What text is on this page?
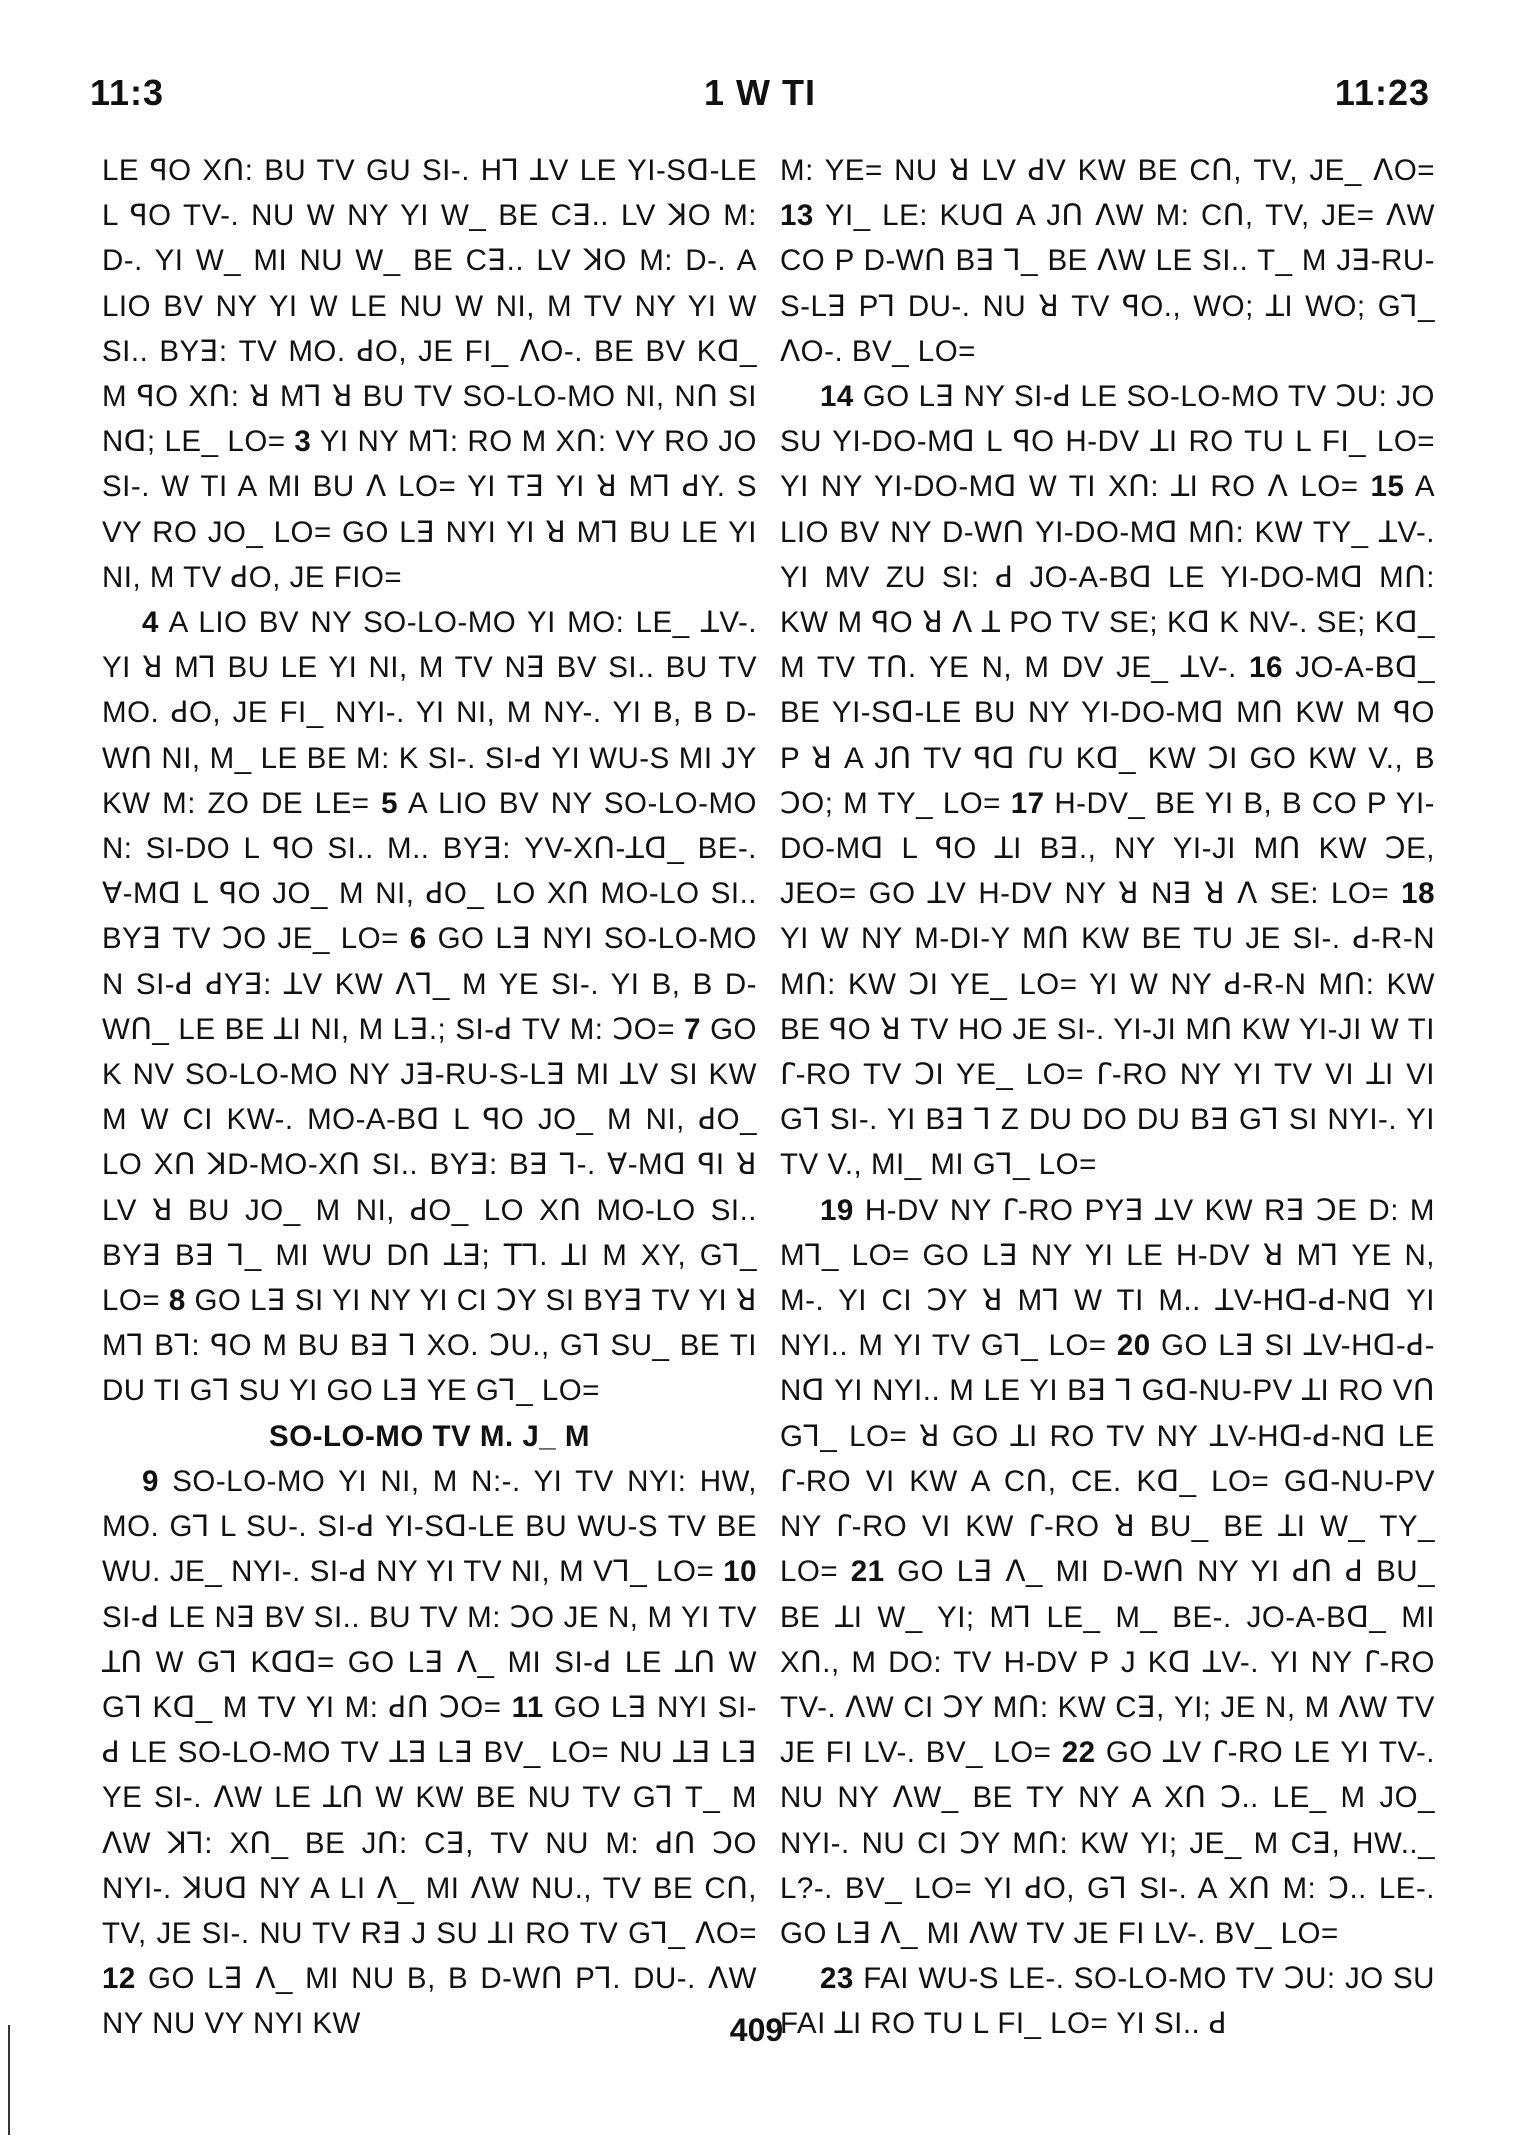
11:3	1 W TI	11:23

LE ꟼO XՈ: BU TV GU SI-. Hꓶ ꓕV LE YI-Sꓷ-LE L ꟼO TV-. NU W NY YI W_ BE Cꓱ.. LV ꓘO M: D-. YI W_ MI NU W_ BE Cꓱ.. LV ꓘO M: D-. A LIO BV NY YI W LE NU W NI, M TV NY YI W SI.. BYꓱ: TV MO. ꓒO, JE FI_ ꓥO-. BE BV Kꓷ_ M ꟼO XՈ: ꓤ Mꓶ ꓤ BU TV SO-LO-MO NI, NՈ SI Nꓷ; LE_ LO= 3 YI NY Mꓶ: RO M XՈ: VY RO JO SI-. W TI A MI BU ꓥ LO= YI Tꓱ YI ꓤ Mꓶ ꓒY. S VY RO JO_ LO= GO Lꓱ NYI YI ꓤ Mꓶ BU LE YI NI, M TV ꓒO, JE FIO=

4 A LIO BV NY SO-LO-MO YI MO: LE_ ꓕV-. YI ꓤ Mꓶ BU LE YI NI, M TV Nꓱ BV SI.. BU TV MO. ꓒO, JE FI_ NYI-. YI NI, M NY-. YI B, B D-WՈ NI, M_ LE BE M: K SI-. SI-ꓒ YI WU-S MI JY KW M: ZO DE LE= 5 A LIO BV NY SO-LO-MO N: SI-DO L ꟼO SI.. M.. BYꓱ: YV-XՈ-ꓕꓷ_ BE-. ꓯ-Mꓷ L ꟼO JO_ M NI, ꓒO_ LO XՈ MO-LO SI.. BYꓱ TV ꓛO JE_ LO= 6 GO Lꓱ NYI SO-LO-MO N SI-ꓒ ꓒYꓱ: ꓕV KW ꓥꓶ_ M YE SI-. YI B, B D-WՈ_ LE BE ꓕI NI, M Lꓱ.; SI-ꓒ TV M: ꓛO= 7 GO K NV SO-LO-MO NY Jꓱ-RU-S-Lꓱ MI ꓕV SI KW M W CI KW-. MO-A-Bꓷ L ꟼO JO_ M NI, ꓒO_ LO XՈ ꓘD-MO-XՈ SI.. BYꓱ: Bꓱ ꓶ-. ꓯ-Mꓷ ꟼI ꓤ LV ꓤ BU JO_ M NI, ꓒO_ LO XՈ MO-LO SI.. BYꓱ Bꓱ ꓶ_ MI WU DՈ ꓕꓱ; ꓔꓶ. ꓕI M XY, Gꓶ_ LO= 8 GO Lꓱ SI YI NY YI CI ꓛY SI BYꓱ TV YI ꓤ Mꓶ Bꓶ: ꟼO M BU Bꓱ ꓶ XO. ꓛU., Gꓶ SU_ BE TI DU TI Gꓶ SU YI GO Lꓱ YE Gꓶ_ LO=

SO-LO-MO TV M. J_ M

9 SO-LO-MO YI NI, M N:-. YI TV NYI: HW, MO. Gꓶ L SU-. SI-ꓒ YI-Sꓷ-LE BU WU-S TV BE WU. JE_ NYI-. SI-ꓒ NY YI TV NI, M Vꓶ_ LO= 10 SI-ꓒ LE Nꓱ BV SI.. BU TV M: ꓛO JE N, M YI TV ꓕՈ W Gꓶ Kꓷꓷ= GO Lꓱ ꓥ_ MI SI-ꓒ LE ꓕՈ W Gꓶ Kꓷ_ M TV YI M: ꓒՈ ꓛO= 11 GO Lꓱ NYI SI-ꓒ LE SO-LO-MO TV ꓕꓱ Lꓱ BV_ LO= NU ꓕꓱ Lꓱ YE SI-. ꓥW LE ꓕՈ W KW BE NU TV Gꓶ T_ M ꓥW ꓘꓶ: XՈ_ BE JՈ: Cꓱ, TV NU M: ꓒՈ ꓛO NYI-. ꓘUꓷ NY A LI ꓥ_ MI ꓥW NU., TV BE CՈ, TV, JE SI-. NU TV Rꓱ J SU ꓕI RO TV Gꓶ_ ꓥO= 12 GO Lꓱ ꓥ_ MI NU B, B D-WՈ Pꓶ. DU-. ꓥW NY NU VY NYI KW

M: YE= NU ꓤ LV ꓒV KW BE CՈ, TV, JE_ ꓥO= 13 YI_ LE: KUꓷ A JՈ ꓥW M: CՈ, TV, JE= ꓥW CO P D-WՈ Bꓱ ꓶ_ BE ꓥW LE SI.. T_ M Jꓱ-RU-S-Lꓱ Pꓶ DU-. NU ꓤ TV ꟼO., WO; ꓕI WO; Gꓶ_ ꓥO-. BV_ LO=

14 GO Lꓱ NY SI-ꓒ LE SO-LO-MO TV ꓛU: JO SU YI-DO-Mꓷ L ꟼO H-DV ꓕI RO TU L FI_ LO= YI NY YI-DO-Mꓷ W TI XՈ: ꓕI RO ꓥ LO= 15 A LIO BV NY D-WՈ YI-DO-Mꓷ MՈ: KW TY_ ꓕV-. YI MV ZU SI: ꓒ JO-A-Bꓷ LE YI-DO-Mꓷ MՈ: KW M ꟼO ꓤ ꓥ ꓕ PO TV SE; Kꓷ K NV-. SE; Kꓷ_ M TV TՈ. YE N, M DV JE_ ꓕV-. 16 JO-A-Bꓷ_ BE YI-Sꓷ-LE BU NY YI-DO-Mꓷ MՈ KW M ꟼO P ꓤ A JՈ TV ꟼꓷ ꓩU Kꓷ_ KW ꓛI GO KW V., B ꓛO; M TY_ LO= 17 H-DV_ BE YI B, B CO P YI-DO-Mꓷ L ꟼO ꓕI Bꓱ., NY YI-JI MՈ KW ꓛE, JEO= GO ꓕV H-DV NY ꓤ Nꓱ ꓤ ꓥ SE: LO= 18 YI W NY M-DI-Y MՈ KW BE TU JE SI-. ꓒ-R-N MՈ: KW ꓛI YE_ LO= YI W NY ꓒ-R-N MՈ: KW BE ꟼO ꓤ TV HO JE SI-. YI-JI MՈ KW YI-JI W TI ꓩ-RO TV ꓛI YE_ LO= ꓩ-RO NY YI TV VI ꓕI VI Gꓶ SI-. YI Bꓱ ꓶ Z DU DO DU Bꓱ Gꓶ SI NYI-. YI TV V., MI_ MI Gꓶ_ LO=

19 H-DV NY ꓩ-RO PYꓱ ꓕV KW Rꓱ ꓛE D: M Mꓶ_ LO= GO Lꓱ NY YI LE H-DV ꓤ Mꓶ YE N, M-. YI CI ꓛY ꓤ Mꓶ W TI M.. ꓕV-Hꓷ-ꓒ-Nꓷ YI NYI.. M YI TV Gꓶ_ LO= 20 GO Lꓱ SI ꓕV-Hꓷ-ꓒ-Nꓷ YI NYI.. M LE YI Bꓱ ꓶ Gꓷ-NU-PV ꓕI RO VՈ Gꓶ_ LO= ꓤ GO ꓕI RO TV NY ꓕV-Hꓷ-ꓒ-Nꓷ LE ꓩ-RO VI KW A CՈ, CE. Kꓷ_ LO= Gꓷ-NU-PV NY ꓩ-RO VI KW ꓩ-RO ꓤ BU_ BE ꓕI W_ TY_ LO= 21 GO Lꓱ ꓥ_ MI D-WՈ NY YI ꓒՈ ꓒ BU_ BE ꓕI W_ YI; Mꓶ LE_ M_ BE-. JO-A-Bꓷ_ MI XՈ., M DO: TV H-DV P J Kꓷ ꓕV-. YI NY ꓩ-RO TV-. ꓥW CI ꓛY MՈ: KW Cꓱ, YI; JE N, M ꓥW TV JE FI LV-. BV_ LO= 22 GO ꓕV ꓩ-RO LE YI TV-. NU NY ꓥW_ BE TY NY A XՈ ꓛ.. LE_ M JO_ NYI-. NU CI ꓛY MՈ: KW YI; JE_ M Cꓱ, HW.._ L?-. BV_ LO= YI ꓒO, Gꓶ SI-. A XՈ M: ꓛ.. LE-. GO Lꓱ ꓥ_ MI ꓥW TV JE FI LV-. BV_ LO=

23 FAI WU-S LE-. SO-LO-MO TV ꓛU: JO SU FAI ꓕI RO TU L FI_ LO= YI SI.. ꓒ

409
